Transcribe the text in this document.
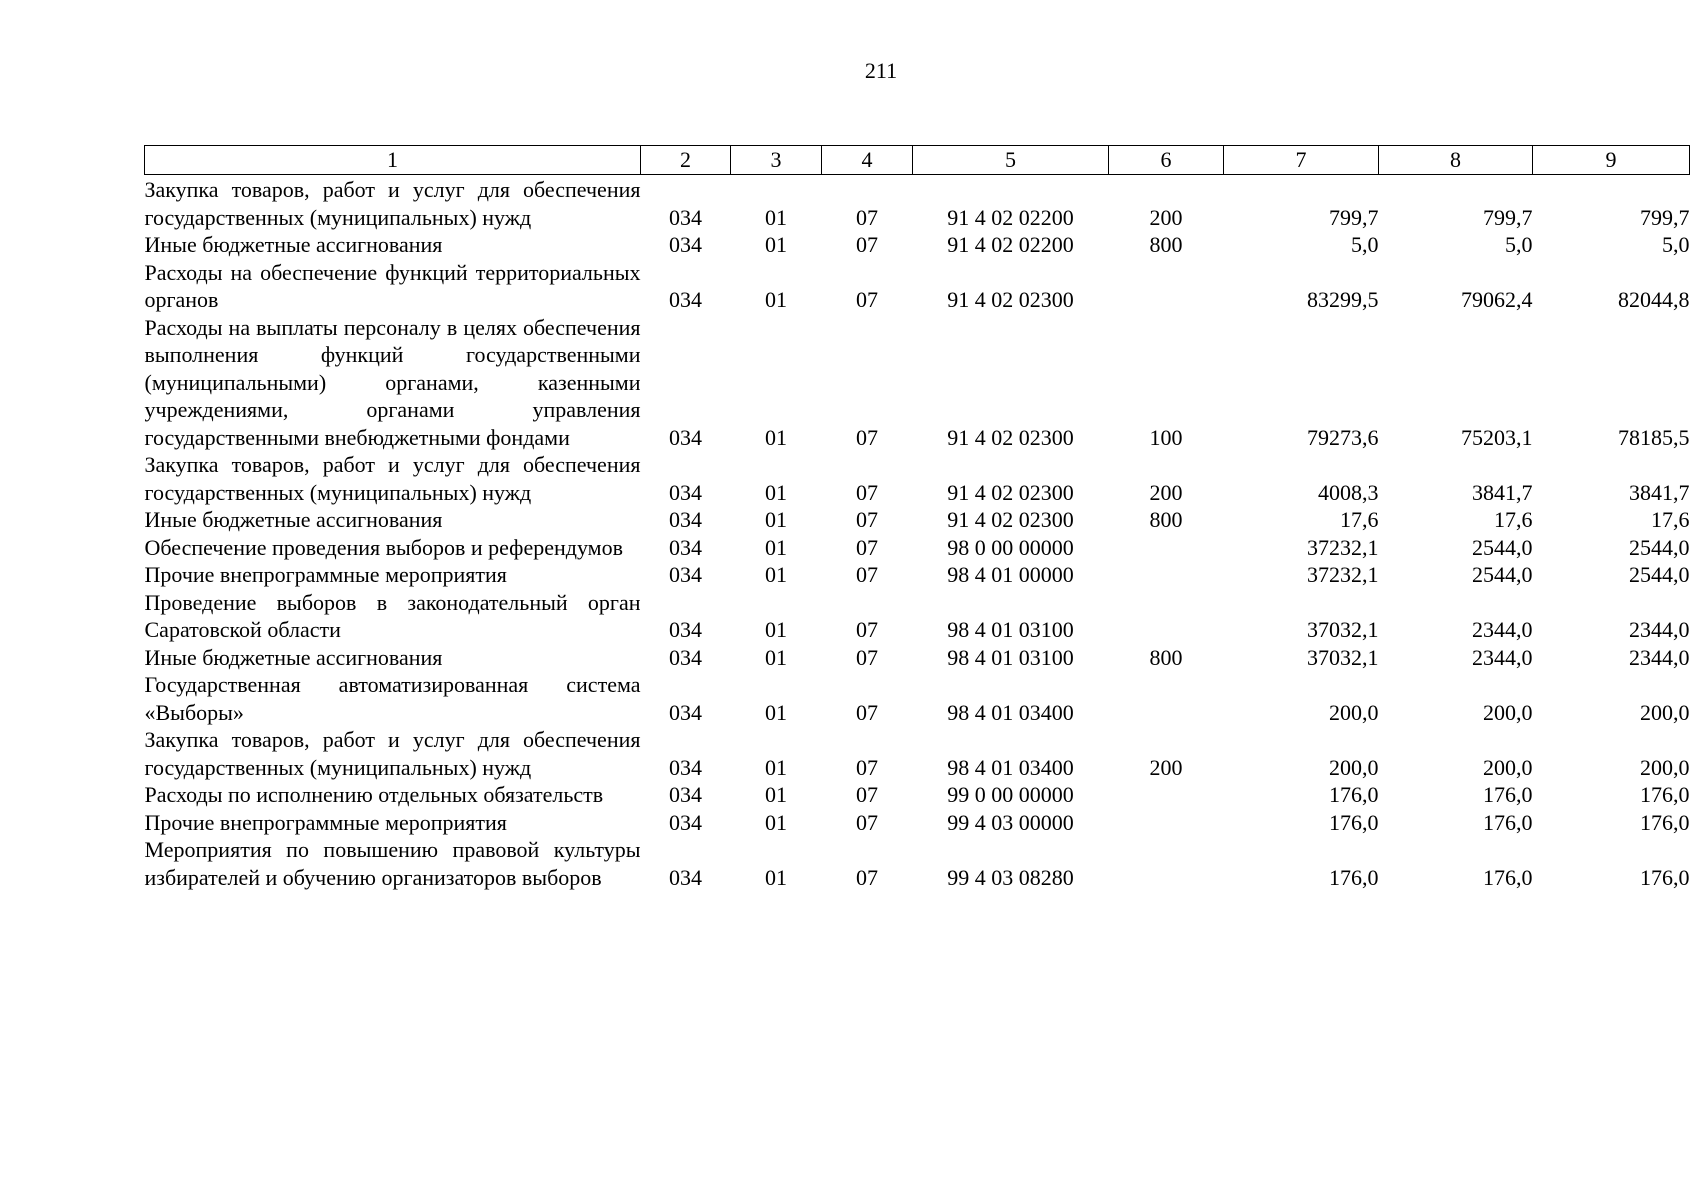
211
1	2	3	4	5	6	7	8	9
Закупка товаров, работ и услуг для обеспечения государственных (муниципальных) нужд	034	01	07	91 4 02 02200	200	799,7	799,7	799,7
Иные бюджетные ассигнования	034	01	07	91 4 02 02200	800	5,0	5,0	5,0
Расходы на обеспечение функций территориальных органов	034	01	07	91 4 02 02300		83299,5	79062,4	82044,8
Расходы на выплаты персоналу в целях обеспечения выполнения функций государственными (муниципальными) органами, казенными учреждениями, органами управления государственными внебюджетными фондами	034	01	07	91 4 02 02300	100	79273,6	75203,1	78185,5
Закупка товаров, работ и услуг для обеспечения государственных (муниципальных) нужд	034	01	07	91 4 02 02300	200	4008,3	3841,7	3841,7
Иные бюджетные ассигнования	034	01	07	91 4 02 02300	800	17,6	17,6	17,6
Обеспечение проведения выборов и референдумов	034	01	07	98 0 00 00000		37232,1	2544,0	2544,0
Прочие внепрограммные мероприятия	034	01	07	98 4 01 00000		37232,1	2544,0	2544,0
Проведение выборов в законодательный орган Саратовской области	034	01	07	98 4 01 03100		37032,1	2344,0	2344,0
Иные бюджетные ассигнования	034	01	07	98 4 01 03100	800	37032,1	2344,0	2344,0
Государственная автоматизированная система «Выборы»	034	01	07	98 4 01 03400		200,0	200,0	200,0
Закупка товаров, работ и услуг для обеспечения государственных (муниципальных) нужд	034	01	07	98 4 01 03400	200	200,0	200,0	200,0
Расходы по исполнению отдельных обязательств	034	01	07	99 0 00 00000		176,0	176,0	176,0
Прочие внепрограммные мероприятия	034	01	07	99 4 03 00000		176,0	176,0	176,0
Мероприятия по повышению правовой культуры избирателей и обучению организаторов выборов	034	01	07	99 4 03 08280		176,0	176,0	176,0
